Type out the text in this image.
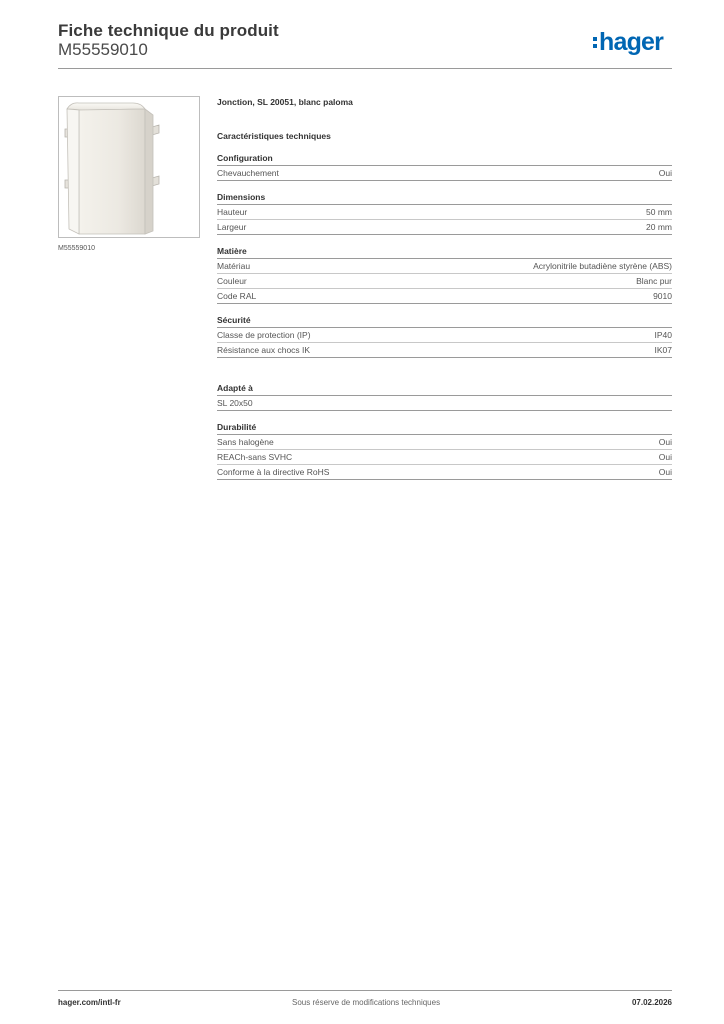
Fiche technique du produit
M55559010	hager
M55559010
Jonction, SL 20051, blanc paloma
Caractéristiques techniques
Configuration
Chevauchement	Oui
Dimensions
Hauteur	50 mm
Largeur	20 mm
Matière
Matériau	Acrylonitrile butadiène styrène (ABS)
Couleur	Blanc pur
Code RAL	9010
Sécurité
Classe de protection (IP)	IP40
Résistance aux chocs IK	IK07
Adapté à
SL 20x50
Durabilité
Sans halogène	Oui
REACh-sans SVHC	Oui
Conforme à la directive RoHS	Oui
hager.com/intl-fr	Sous réserve de modifications techniques	07.02.2026
